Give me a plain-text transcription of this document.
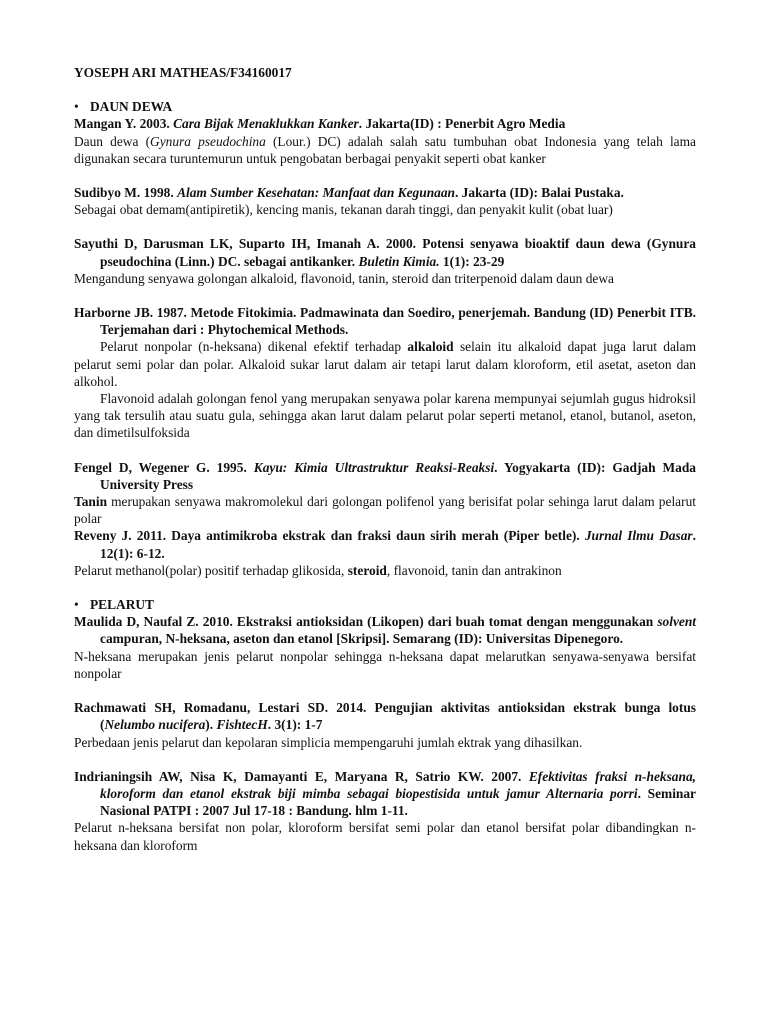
YOSEPH ARI MATHEAS/F34160017

• DAUN DEWA

Mangan Y. 2003. Cara Bijak Menaklukkan Kanker. Jakarta(ID) : Penerbit Agro Media

Daun dewa (Gynura pseudochina (Lour.) DC) adalah salah satu tumbuhan obat Indonesia yang telah lama digunakan secara turuntemurun untuk pengobatan berbagai penyakit seperti obat kanker

Sudibyo M. 1998. Alam Sumber Kesehatan: Manfaat dan Kegunaan. Jakarta (ID): Balai Pustaka.

Sebagai obat demam(antipiretik), kencing manis, tekanan darah tinggi, dan penyakit kulit (obat luar)

Sayuthi D, Darusman LK, Suparto IH, Imanah A. 2000. Potensi senyawa bioaktif daun dewa (Gynura pseudochina (Linn.) DC. sebagai antikanker. Buletin Kimia. 1(1): 23-29

Mengandung senyawa golongan alkaloid, flavonoid, tanin, steroid dan triterpenoid dalam daun dewa

Harborne JB. 1987. Metode Fitokimia. Padmawinata dan Soediro, penerjemah. Bandung (ID) Penerbit ITB. Terjemahan dari : Phytochemical Methods.

Pelarut nonpolar (n-heksana) dikenal efektif terhadap alkaloid selain itu alkaloid dapat juga larut dalam pelarut semi polar dan polar. Alkaloid sukar larut dalam air tetapi larut dalam kloroform, etil asetat, aseton dan alkohol.

Flavonoid adalah golongan fenol yang merupakan senyawa polar karena mempunyai sejumlah gugus hidroksil yang tak tersulih atau suatu gula, sehingga akan larut dalam pelarut polar seperti metanol, etanol, butanol, aseton, dan dimetilsulfoksida

Fengel D, Wegener G. 1995. Kayu: Kimia Ultrastruktur Reaksi-Reaksi. Yogyakarta (ID): Gadjah Mada University Press

Tanin merupakan senyawa makromolekul dari golongan polifenol yang berisifat polar sehinga larut dalam pelarut polar

Reveny J. 2011. Daya antimikroba ekstrak dan fraksi daun sirih merah (Piper betle). Jurnal Ilmu Dasar. 12(1): 6-12.

Pelarut methanol(polar) positif terhadap glikosida, steroid, flavonoid, tanin dan antrakinon

• PELARUT

Maulida D, Naufal Z. 2010. Ekstraksi antioksidan (Likopen) dari buah tomat dengan menggunakan solvent campuran, N-heksana, aseton dan etanol [Skripsi]. Semarang (ID): Universitas Dipenegoro.

N-heksana merupakan jenis pelarut nonpolar sehingga n-heksana dapat melarutkan senyawa-senyawa bersifat nonpolar

Rachmawati SH, Romadanu, Lestari SD. 2014. Pengujian aktivitas antioksidan ekstrak bunga lotus (Nelumbo nucifera). FishtecH. 3(1): 1-7

Perbedaan jenis pelarut dan kepolaran simplicia mempengaruhi jumlah ektrak yang dihasilkan.

Indrianingsih AW, Nisa K, Damayanti E, Maryana R, Satrio KW. 2007. Efektivitas fraksi n-heksana, kloroform dan etanol ekstrak biji mimba sebagai biopestisida untuk jamur Alternaria porri. Seminar Nasional PATPI : 2007 Jul 17-18 : Bandung. hlm 1-11.

Pelarut n-heksana bersifat non polar, kloroform bersifat semi polar dan etanol bersifat polar dibandingkan n-heksana dan kloroform
